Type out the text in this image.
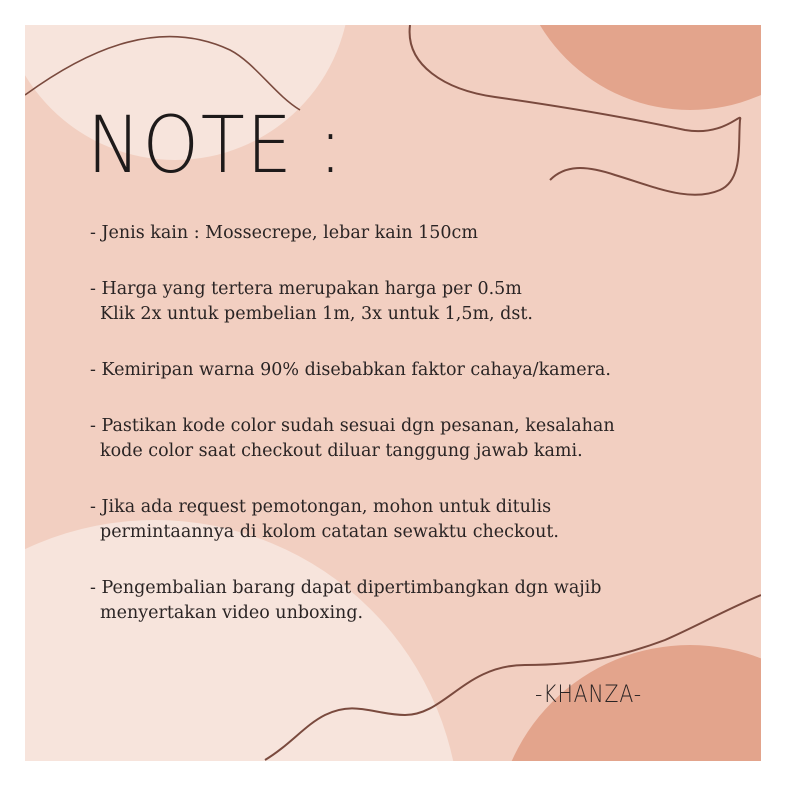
NOTE :
- Jenis kain : Mossecrepe, lebar kain 150cm
- Harga yang tertera merupakan harga per 0.5m
Klik 2x untuk pembelian 1m, 3x untuk 1,5m, dst.
- Kemiripan warna 90% disebabkan faktor cahaya/kamera.
- Pastikan kode color sudah sesuai dgn pesanan, kesalahan
kode color saat checkout diluar tanggung jawab kami.
- Jika ada request pemotongan, mohon untuk ditulis
permintaannya di kolom catatan sewaktu checkout.
- Pengembalian barang dapat dipertimbangkan dgn wajib
menyertakan video unboxing.
-KHANZA-
